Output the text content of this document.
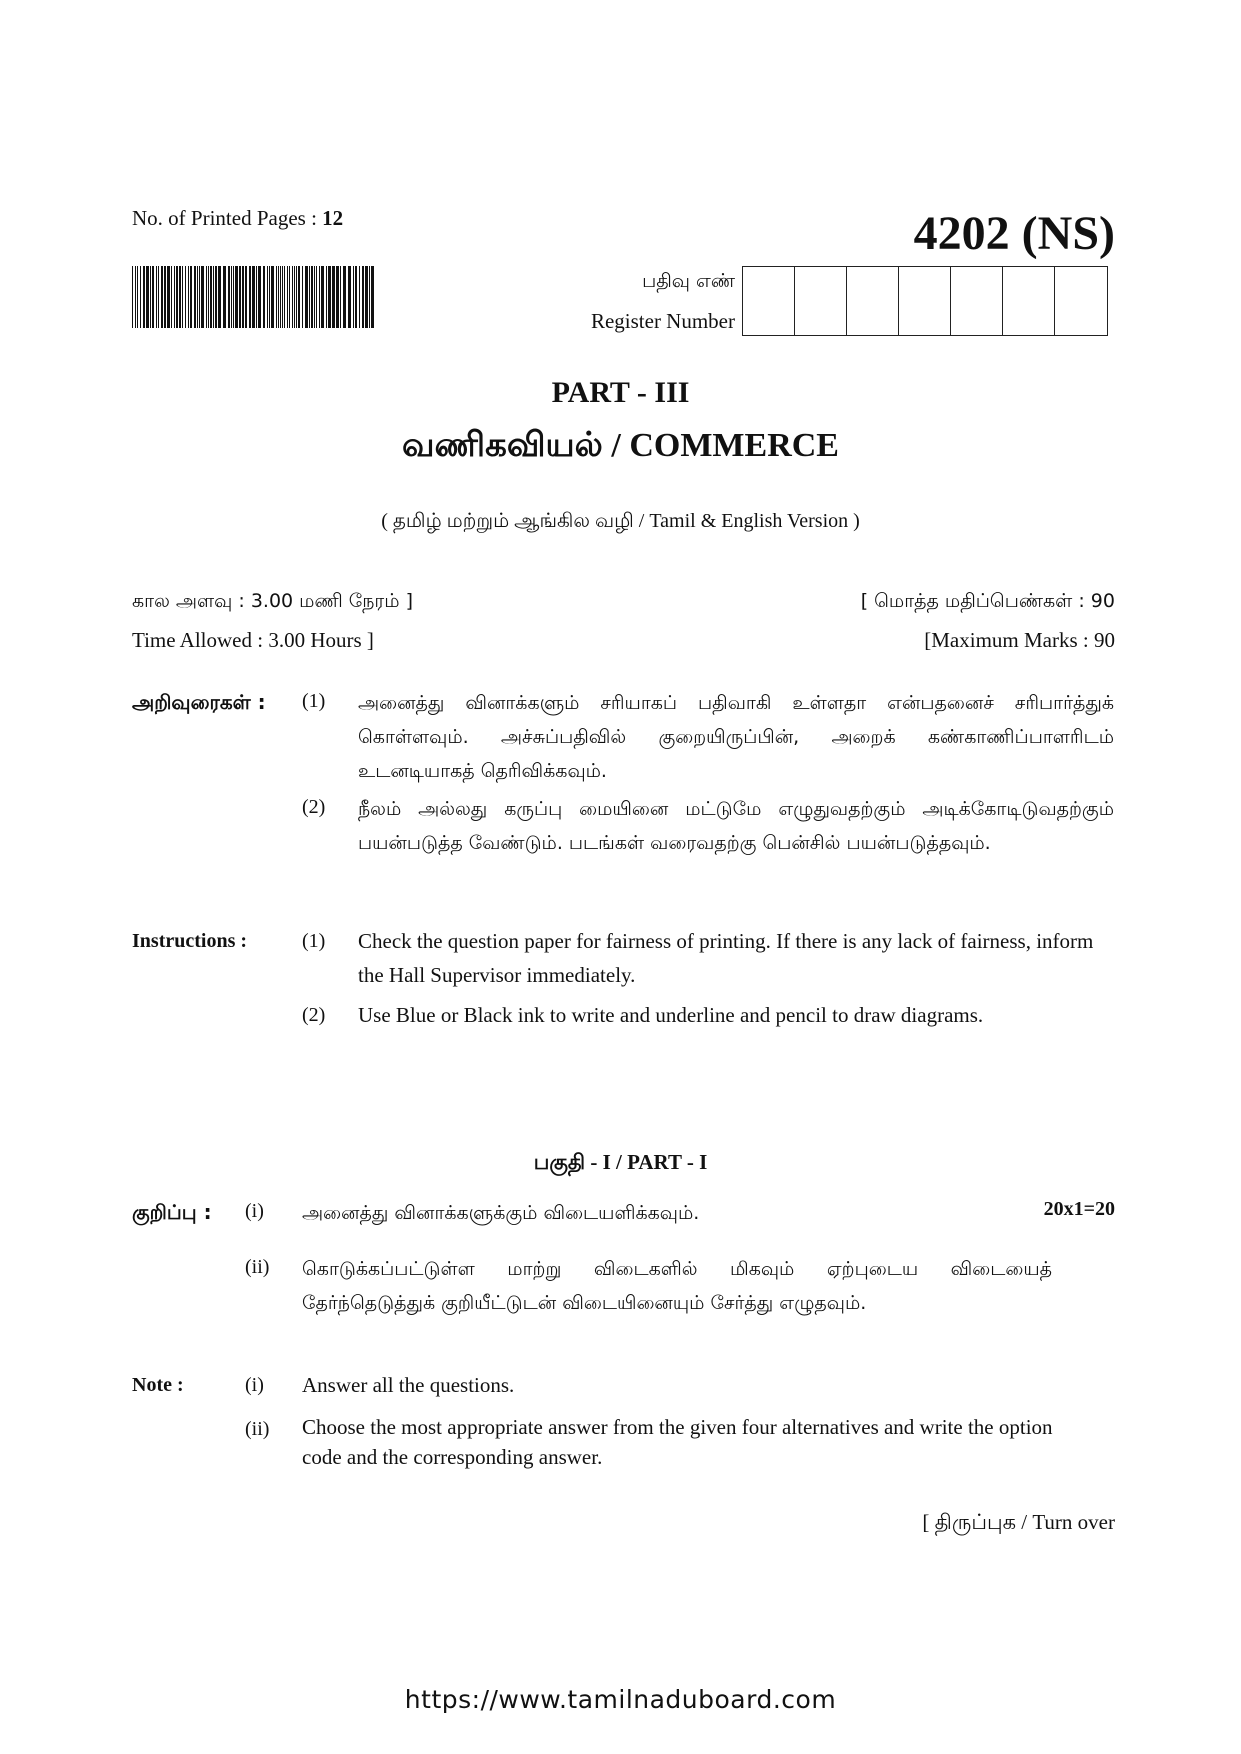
No. of Printed Pages : 12	4202 (NS)
பதிவு எண்
Register Number
PART - III
வணிகவியல் / COMMERCE
( தமிழ் மற்றும் ஆங்கில வழி / Tamil & English Version )
கால அளவு : 3.00 மணி நேரம் ]
Time Allowed : 3.00 Hours ]
[ மொத்த மதிப்பெண்கள் : 90
[Maximum Marks : 90
அறிவுரைகள் : (1) அனைத்து வினாக்களும் சரியாகப் பதிவாகி உள்ளதா என்பதனைச் சரிபார்த்துக் கொள்ளவும். அச்சுப்பதிவில் குறையிருப்பின், அறைக் கண்காணிப்பாளரிடம் உடனடியாகத் தெரிவிக்கவும்.
(2) நீலம் அல்லது கருப்பு மையினை மட்டுமே எழுதுவதற்கும் அடிக்கோடிடுவதற்கும் பயன்படுத்த வேண்டும். படங்கள் வரைவதற்கு பென்சில் பயன்படுத்தவும்.
Instructions :	(1) Check the question paper for fairness of printing. If there is any lack of fairness, inform the Hall Supervisor immediately.
(2) Use Blue or Black ink to write and underline and pencil to draw diagrams.
பகுதி - I / PART - I
குறிப்பு : (i) அனைத்து வினாக்களுக்கும் விடையளிக்கவும்.	20x1=20
(ii) கொடுக்கப்பட்டுள்ள மாற்று விடைகளில் மிகவும் ஏற்புடைய விடையைத் தேர்ந்தெடுத்துக் குறியீட்டுடன் விடையினையும் சேர்த்து எழுதவும்.
Note :	(i) Answer all the questions.
(ii) Choose the most appropriate answer from the given four alternatives and write the option code and the corresponding answer.
[ திருப்புக / Turn over
https://www.tamilnaduboard.com
